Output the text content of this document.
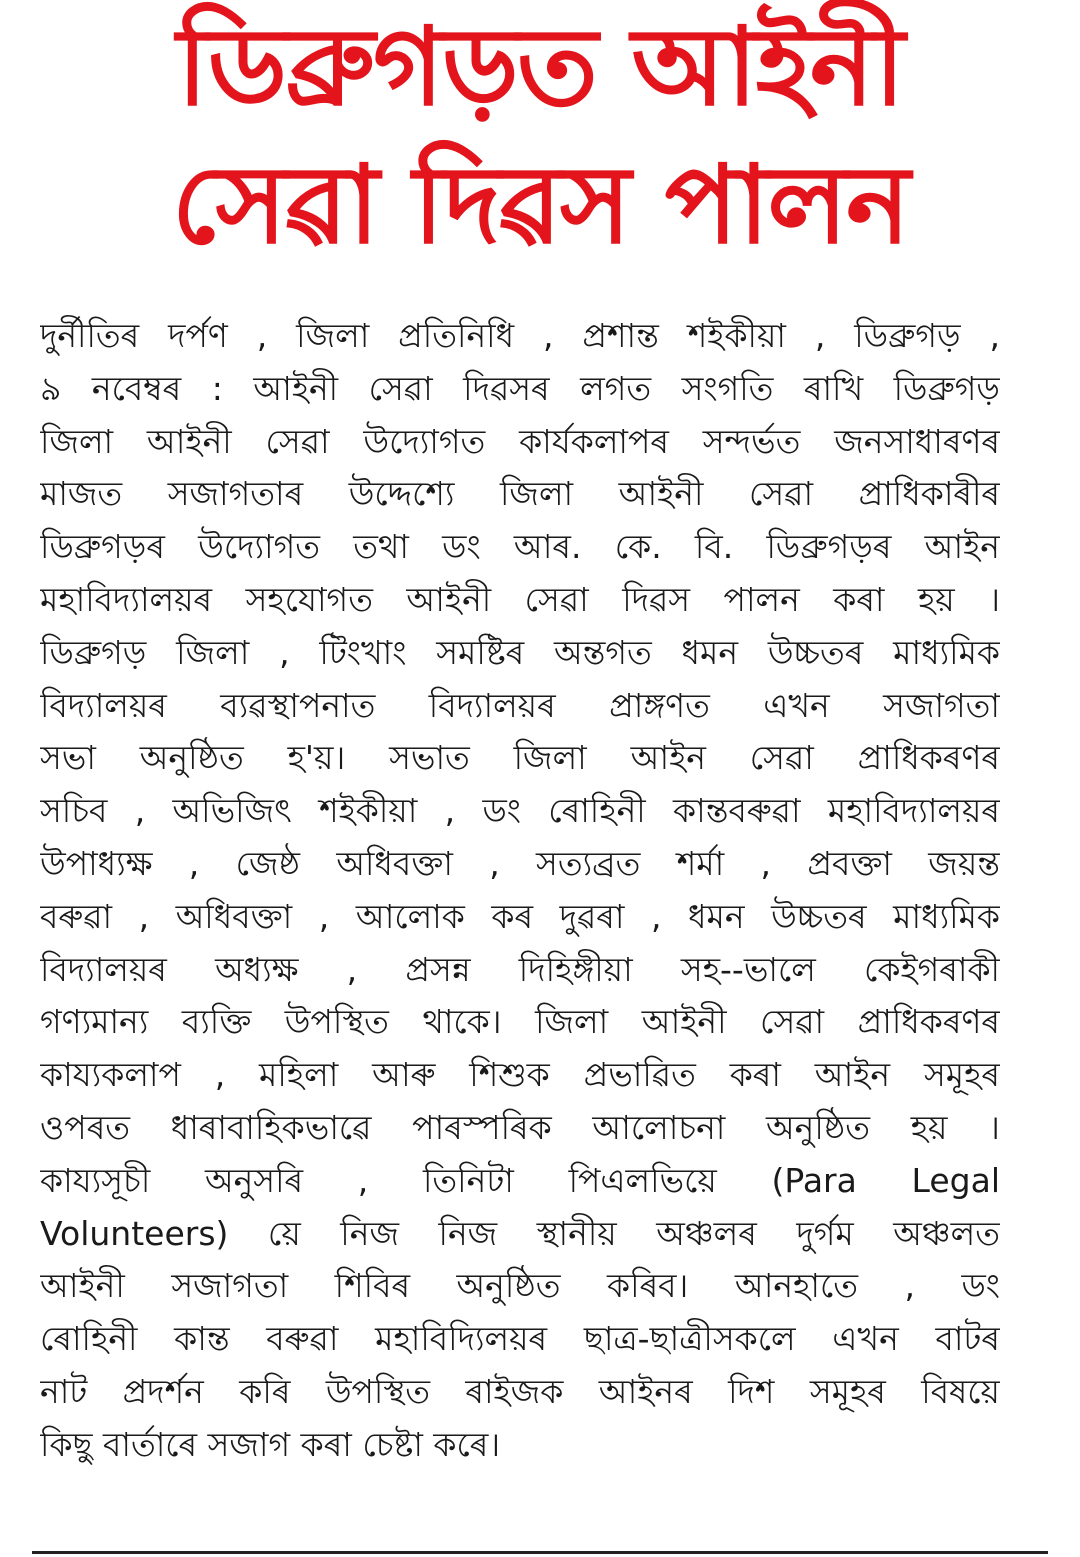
ডিব্ৰুগড়ত আইনী
সেৱা দিৱস পালন
দুৰ্নীতিৰ দৰ্পণ , জিলা প্ৰতিনিধি , প্ৰশান্ত শইকীয়া , ডিব্ৰুগড় ,
৯ নবেম্বৰ : আইনী সেৱা দিৱসৰ লগত সংগতি ৰাখি ডিব্ৰুগড়
জিলা আইনী সেৱা উদ্যোগত কাৰ্যকলাপৰ সন্দৰ্ভত জনসাধাৰণৰ
মাজত সজাগতাৰ উদ্দেশ্যে জিলা আইনী সেৱা প্ৰাধিকাৰীৰ
ডিব্ৰুগড়ৰ উদ্যোগত তথা ডং আৰ. কে. বি. ডিব্ৰুগড়ৰ আইন
মহাবিদ্যালয়ৰ সহযোগত আইনী সেৱা দিৱস পালন কৰা হয় ।
ডিব্ৰুগড় জিলা , টিংখাং সমষ্টিৰ অন্তগত ধমন উচ্চতৰ মাধ্যমিক
বিদ্যালয়ৰ ব্যৱস্থাপনাত বিদ্যালয়ৰ প্ৰাঙ্গণত এখন সজাগতা
সভা অনুষ্ঠিত হ'য়। সভাত জিলা আইন সেৱা প্ৰাধিকৰণৰ
সচিব , অভিজিৎ শইকীয়া , ডং ৰোহিনী কান্তবৰুৱা মহাবিদ্যালয়ৰ
উপাধ্যক্ষ , জেষ্ঠ অধিবক্তা , সত্যব্ৰত শৰ্মা , প্ৰবক্তা জয়ন্ত
বৰুৱা , অধিবক্তা , আলোক কৰ দুৱৰা , ধমন উচ্চতৰ মাধ্যমিক
বিদ্যালয়ৰ অধ্যক্ষ , প্ৰসন্ন দিহিঙ্গীয়া সহ--ভালে কেইগৰাকী
গণ্যমান্য ব্যক্তি উপস্থিত থাকে। জিলা আইনী সেৱা প্ৰাধিকৰণৰ
কায্যকলাপ , মহিলা আৰু শিশুক প্ৰভাৱিত কৰা আইন সমূহৰ
ওপৰত ধাৰাবাহিকভাৱে পাৰস্পৰিক আলোচনা অনুষ্ঠিত হয় ।
কায্যসূচী অনুসৰি , তিনিটা পিএলভিয়ে (Para Legal
Volunteers) য়ে নিজ নিজ স্থানীয় অঞ্চলৰ দুৰ্গম অঞ্চলত
আইনী সজাগতা শিবিৰ অনুষ্ঠিত কৰিব। আনহাতে , ডং
ৰোহিনী কান্ত বৰুৱা মহাবিদ্যিলয়ৰ ছাত্ৰ-ছাত্ৰীসকলে এখন বাটৰ
নাট প্ৰদৰ্শন কৰি উপস্থিত ৰাইজক আইনৰ দিশ সমূহৰ বিষয়ে
কিছু বাৰ্তাৰে সজাগ কৰা চেষ্টা কৰে।
